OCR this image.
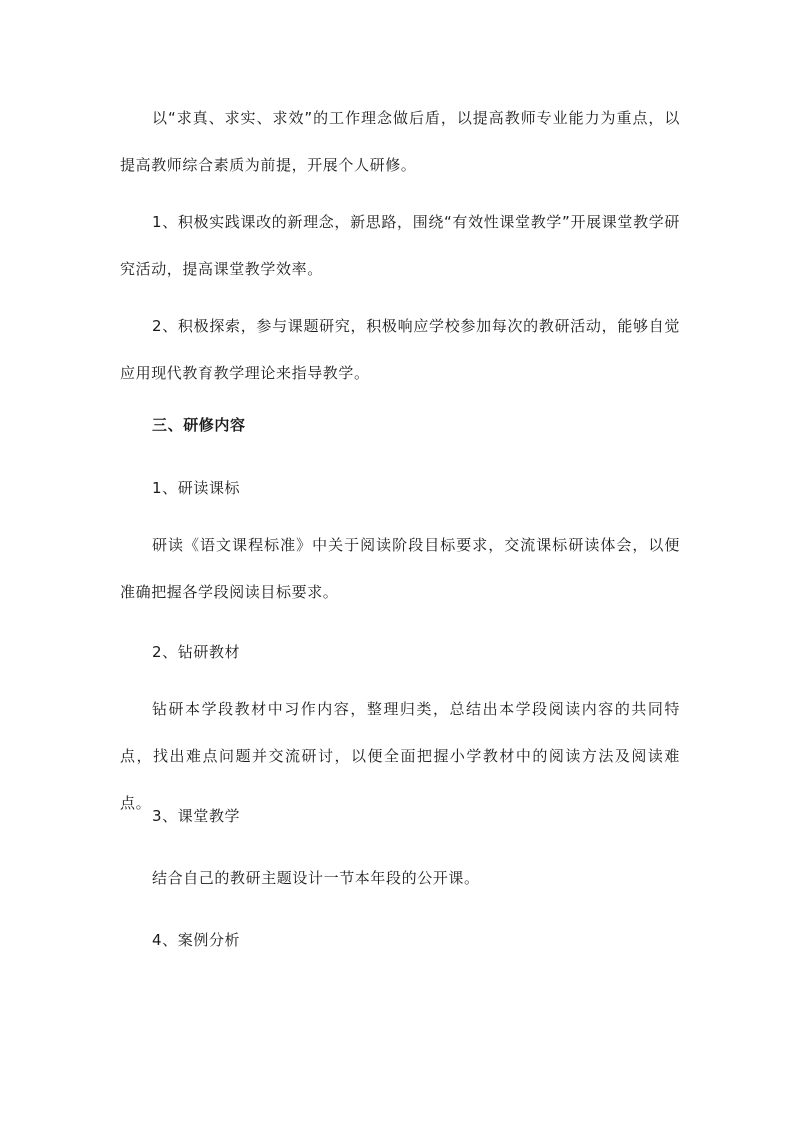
以“求真、求实、求效”的工作理念做后盾，以提高教师专业能力为重点，以提高教师综合素质为前提，开展个人研修。

1、积极实践课改的新理念，新思路，围绕“有效性课堂教学”开展课堂教学研究活动，提高课堂教学效率。

2、积极探索，参与课题研究，积极响应学校参加每次的教研活动，能够自觉应用现代教育教学理论来指导教学。

三、研修内容

1、研读课标

研读《语文课程标准》中关于阅读阶段目标要求，交流课标研读体会，以便准确把握各学段阅读目标要求。

2、钻研教材

钻研本学段教材中习作内容，整理归类，总结出本学段阅读内容的共同特点，找出难点问题并交流研讨，以便全面把握小学教材中的阅读方法及阅读难点。

3、课堂教学

结合自己的教研主题设计一节本年段的公开课。

4、案例分析
